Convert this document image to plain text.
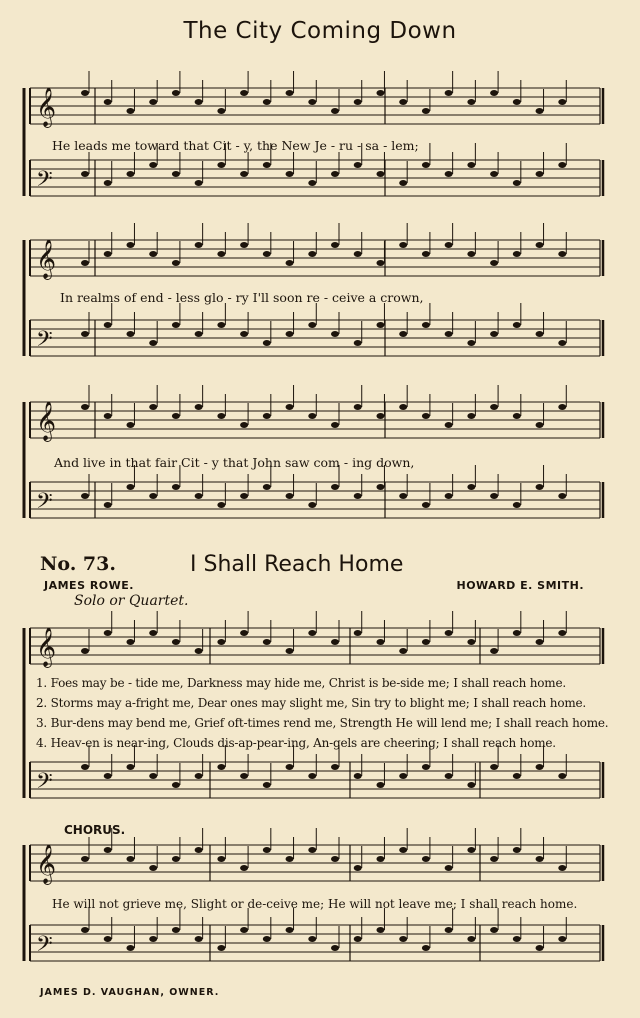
The City Coming Down
He leads me toward that Cit - y, the New Je - ru - sa - lem;
In realms of end - less glo - ry I'll soon re - ceive a crown,
And live in that fair Cit - y that John saw com - ing down,
No. 73.	I Shall Reach Home
JAMES ROWE.	HOWARD E. SMITH.
Solo or Quartet.
1. Foes may be - tide me, Darkness may hide me, Christ is be-side me; I shall reach home.
2. Storms may a-fright me, Dear ones may slight me, Sin try to blight me; I shall reach home.
3. Bur-dens may bend me, Grief oft-times rend me, Strength He will lend me; I shall reach home.
4. Heav-en is near-ing, Clouds dis-ap-pear-ing, An-gels are cheering; I shall reach home.
CHORUS.
He will not grieve me, Slight or de-ceive me; He will not leave me; I shall reach home.
JAMES D. VAUGHAN, OWNER.
𝄞
𝄢
𝄞
𝄢
𝄞
𝄢
𝄞
𝄢
𝄞
𝄢
